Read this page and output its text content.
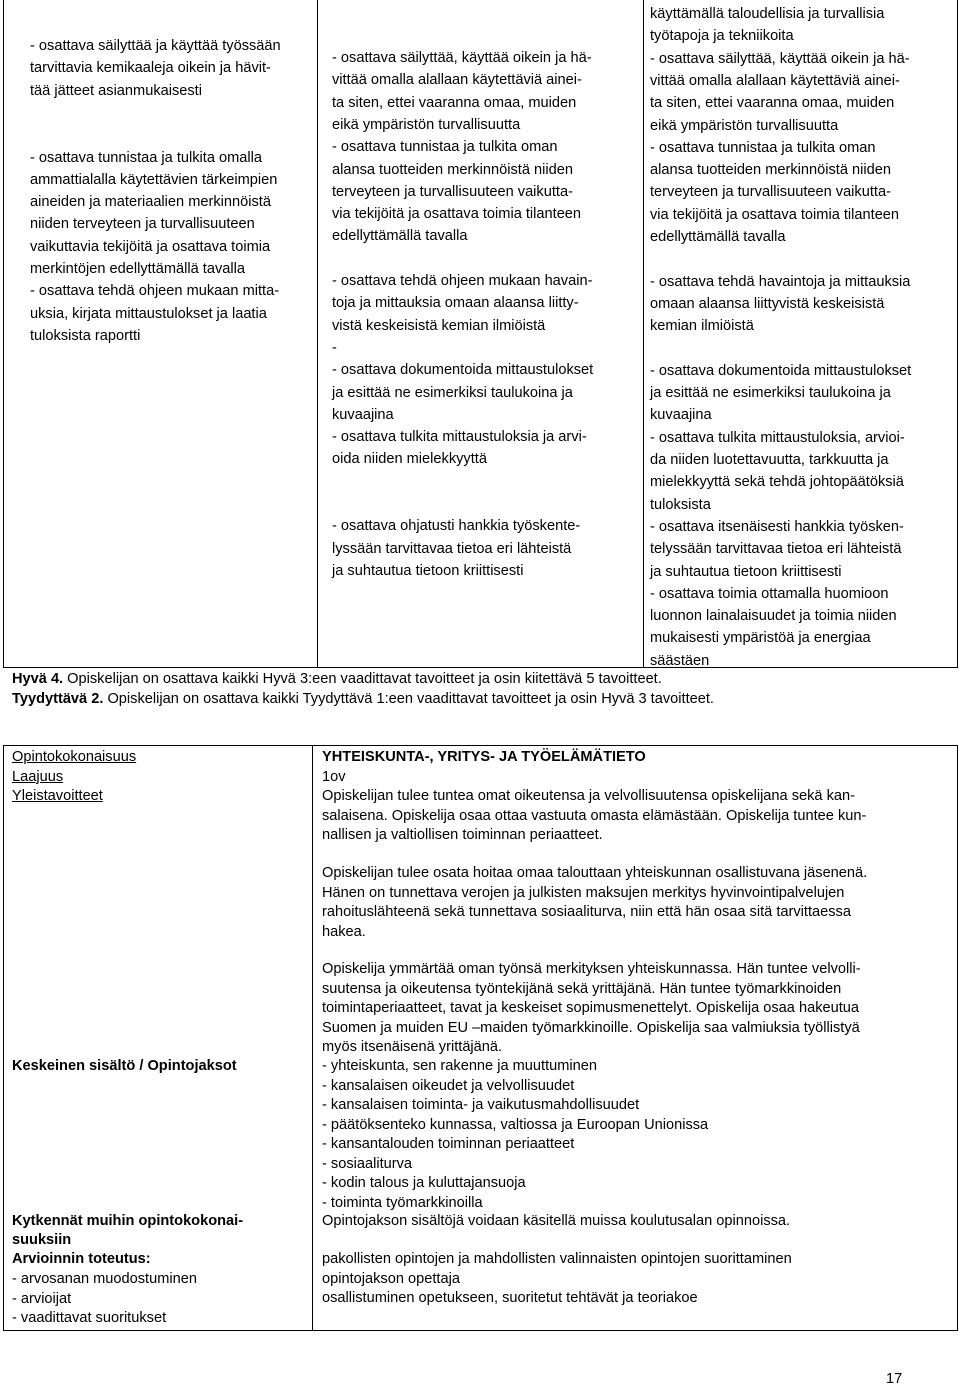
- osattava säilyttää ja käyttää työssään
tarvittavia kemikaaleja oikein ja hävit-
tää jätteet asianmukaisesti
- osattava tunnistaa ja tulkita omalla
ammattialalla käytettävien tärkeimpien
aineiden ja materiaalien merkinnöistä
niiden terveyteen ja turvallisuuteen
vaikuttavia tekijöitä ja osattava toimia
merkintöjen edellyttämällä tavalla
- osattava tehdä ohjeen mukaan mitta-
uksia, kirjata mittaustulokset ja laatia
tuloksista raportti
- osattava säilyttää, käyttää oikein ja hä-
vittää omalla alallaan käytettäviä ainei-
ta siten, ettei vaaranna omaa, muiden
eikä ympäristön turvallisuutta
- osattava tunnistaa ja tulkita oman
alansa tuotteiden merkinnöistä niiden
terveyteen ja turvallisuuteen vaikutta-
via tekijöitä ja osattava toimia tilanteen
edellyttämällä tavalla
- osattava tehdä ohjeen mukaan havain-
toja ja mittauksia omaan alaansa liitty-
vistä keskeisistä kemian ilmiöistä
-
- osattava dokumentoida mittaustulokset
ja esittää ne esimerkiksi taulukoina ja
kuvaajina
- osattava tulkita mittaustuloksia ja arvi-
oida niiden mielekkyyttä
- osattava ohjatusti hankkia työskente-
lyssään tarvittavaa tietoa eri lähteistä
ja suhtautua tietoon kriittisesti
käyttämällä taloudellisia ja turvallisia
työtapoja ja tekniikoita
- osattava säilyttää, käyttää oikein ja hä-
vittää omalla alallaan käytettäviä ainei-
ta siten, ettei vaaranna omaa, muiden
eikä ympäristön turvallisuutta
- osattava tunnistaa ja tulkita oman
alansa tuotteiden merkinnöistä niiden
terveyteen ja turvallisuuteen vaikutta-
via tekijöitä ja osattava toimia tilanteen
edellyttämällä tavalla
- osattava tehdä havaintoja ja mittauksia
omaan alaansa liittyvistä keskeisistä
kemian ilmiöistä
- osattava dokumentoida mittaustulokset
ja esittää ne esimerkiksi taulukoina ja
kuvaajina
- osattava tulkita mittaustuloksia, arvioi-
da niiden luotettavuutta, tarkkuutta ja
mielekkyyttä sekä tehdä johtopäätöksiä
tuloksista
- osattava itsenäisesti hankkia työsken-
telyssään tarvittavaa tietoa eri lähteistä
ja suhtautua tietoon kriittisesti
- osattava toimia ottamalla huomioon
luonnon lainalaisuudet ja toimia niiden
mukaisesti ympäristöä ja energiaa
säästäen
Hyvä 4. Opiskelijan on osattava kaikki Hyvä 3:een vaadittavat tavoitteet ja osin kiitettävä 5 tavoitteet.
Tyydyttävä 2. Opiskelijan on osattava kaikki Tyydyttävä 1:een vaadittavat tavoitteet ja osin Hyvä 3 tavoitteet.
Opintokokonaisuus
Laajuus
Yleistavoitteet
Keskeinen sisältö / Opintojaksot
Kytkennät muihin opintokokonai-
suuksiin
Arvioinnin toteutus:
YHTEISKUNTA-, YRITYS- JA TYÖELÄMÄTIETO
1ov
- arvosanan muodostuminen
- arvioijat
- vaadittavat suoritukset
Opiskelijan tulee tuntea omat oikeutensa ja velvollisuutensa opiskelijana sekä kan-
salaisena. Opiskelija osaa ottaa vastuuta omasta elämästään. Opiskelija tuntee kun-
nallisen ja valtiollisen toiminnan periaatteet.
Opiskelijan tulee osata hoitaa omaa talouttaan yhteiskunnan osallistuvana jäsenenä.
Hänen on tunnettava verojen ja julkisten maksujen merkitys hyvinvointipalvelujen
rahoituslähteenä sekä tunnettava sosiaaliturva, niin että hän osaa sitä tarvittaessa
hakea.
Opiskelija ymmärtää oman työnsä merkityksen yhteiskunnassa. Hän tuntee velvolli-
suutensa ja oikeutensa työntekijänä sekä yrittäjänä. Hän tuntee työmarkkinoiden
toimintaperiaatteet, tavat ja keskeiset sopimusmenettelyt. Opiskelija osaa hakeutua
Suomen ja muiden EU –maiden työmarkkinoille. Opiskelija saa valmiuksia työllistyä
myös itsenäisenä yrittäjänä.
- yhteiskunta, sen rakenne ja muuttuminen
- kansalaisen oikeudet ja velvollisuudet
- kansalaisen toiminta- ja vaikutusmahdollisuudet
- päätöksenteko kunnassa, valtiossa ja Euroopan Unionissa
- kansantalouden toiminnan periaatteet
- sosiaaliturva
- kodin talous ja kuluttajansuoja
- toiminta työmarkkinoilla
Opintojakson sisältöjä voidaan käsitellä muissa koulutusalan opinnoissa.
pakollisten opintojen ja mahdollisten valinnaisten opintojen suorittaminen
opintojakson opettaja
osallistuminen opetukseen, suoritetut tehtävät ja teoriakoe
17
